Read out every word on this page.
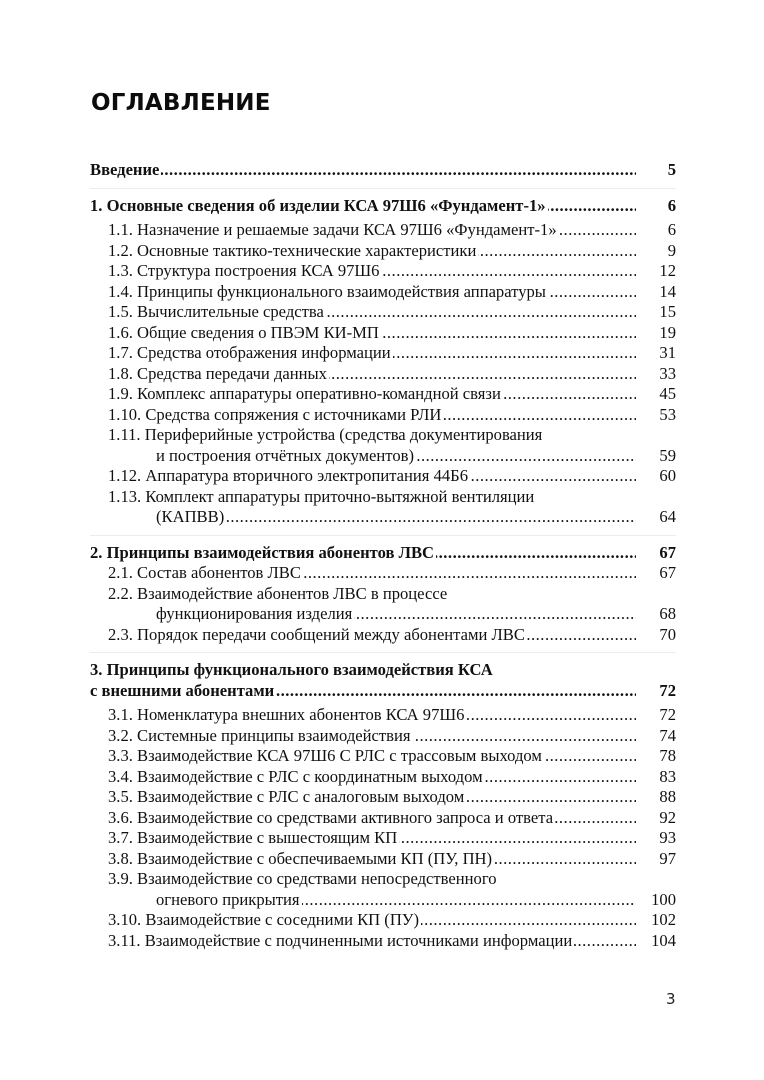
ОГЛАВЛЕНИЕ
Введение .....	5
1. Основные сведения об изделии КСА 97Ш6 «Фундамент-1» .....	6
1.1. Назначение и решаемые задачи КСА 97Ш6 «Фундамент-1» .....	6
1.2. Основные тактико-технические характеристики .....	9
1.3. Структура построения КСА 97Ш6 .....	12
1.4. Принципы функционального взаимодействия аппаратуры .....	14
1.5. Вычислительные средства .....	15
1.6. Общие сведения о ПВЭМ КИ-МП .....	19
1.7. Средства отображения информации .....	31
1.8. Средства передачи данных .....	33
1.9. Комплекс аппаратуры оперативно-командной связи .....	45
1.10. Средства сопряжения с источниками РЛИ .....	53
1.11. Периферийные устройства (средства документирования
и построения отчётных документов) .....	59
1.12. Аппаратура вторичного электропитания 44Б6 .....	60
1.13. Комплект аппаратуры приточно-вытяжной вентиляции
(КАПВВ) .....	64
2. Принципы взаимодействия абонентов ЛВС .....	67
2.1. Состав абонентов ЛВС .....	67
2.2. Взаимодействие абонентов ЛВС в процессе
функционирования изделия .....	68
2.3. Порядок передачи сообщений между абонентами ЛВС .....	70
3. Принципы функционального взаимодействия КСА
с внешними абонентами .....	72
3.1. Номенклатура внешних абонентов КСА 97Ш6 .....	72
3.2. Системные принципы взаимодействия .....	74
3.3. Взаимодействие КСА 97Ш6 С РЛС с трассовым выходом .....	78
3.4. Взаимодействие с РЛС с координатным выходом .....	83
3.5. Взаимодействие с РЛС с аналоговым выходом .....	88
3.6. Взаимодействие со средствами активного запроса и ответа .....	92
3.7. Взаимодействие с вышестоящим КП .....	93
3.8. Взаимодействие с обеспечиваемыми КП (ПУ, ПН) .....	97
3.9. Взаимодействие со средствами непосредственного
огневого прикрытия .....	100
3.10. Взаимодействие с соседними КП (ПУ) .....	102
3.11. Взаимодействие с подчиненными источниками информации .....	104
3
